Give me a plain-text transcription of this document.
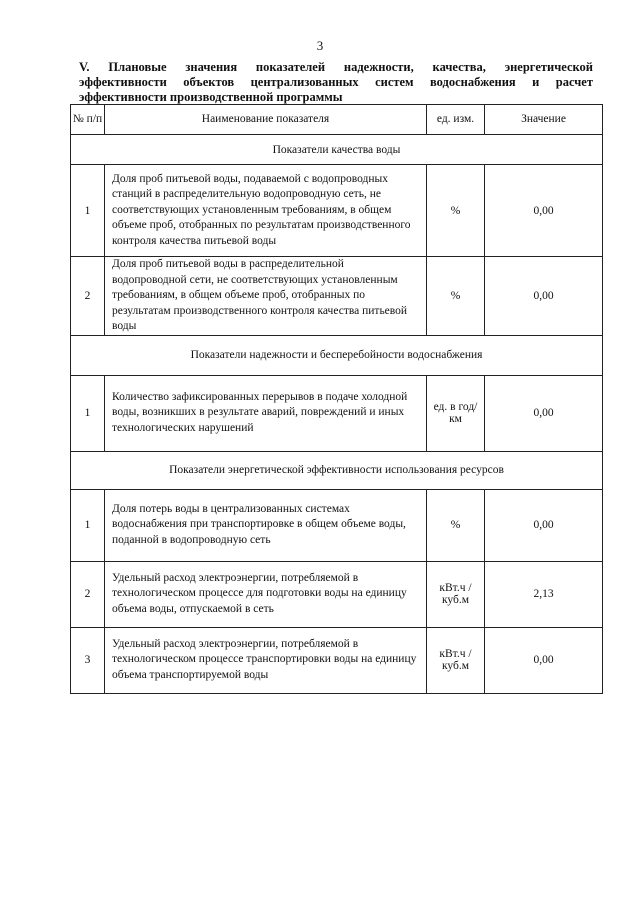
3
V. Плановые значения показателей надежности, качества, энергетической
эффективности объектов централизованных систем водоснабжения и расчет
эффективности производственной программы
№ п/п	Наименование показателя	ед. изм.	Значение
Показатели качества воды			
1	Доля проб питьевой воды, подаваемой с водопроводных станций в распределительную водопроводную сеть, не соответствующих установленным требованиям, в общем объеме проб, отобранных по результатам производственного контроля качества питьевой воды	%	0,00
2	Доля проб питьевой воды в распределительной водопроводной сети, не соответствующих установленным требованиям, в общем объеме проб, отобранных по результатам производственного контроля качества питьевой воды	%	0,00
Показатели надежности и бесперебойности водоснабжения			
1	Количество зафиксированных перерывов в подаче холодной воды, возникших в результате аварий, повреждений и иных технологических нарушений	ед. в год/ км	0,00
Показатели энергетической эффективности использования ресурсов			
1	Доля потерь воды в централизованных системах водоснабжения при транспортировке в общем объеме воды, поданной в водопроводную сеть	%	0,00
2	Удельный расход электроэнергии, потребляемой в технологическом процессе для подготовки воды на единицу объема воды, отпускаемой в сеть	кВт.ч / куб.м	2,13
3	Удельный расход электроэнергии, потребляемой в технологическом процессе транспортировки воды на единицу объема транспортируемой воды	кВт.ч / куб.м	0,00
